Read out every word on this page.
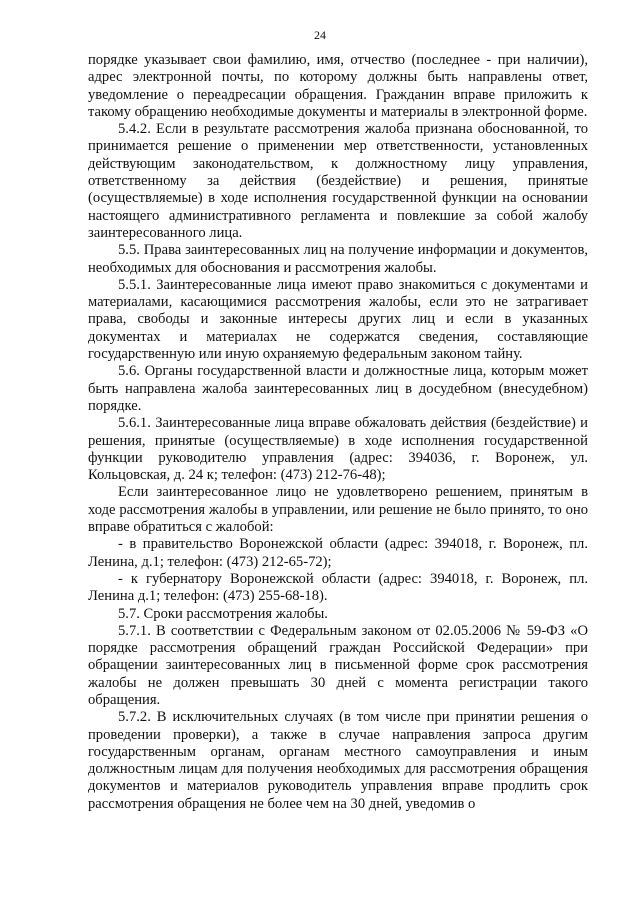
24

порядке указывает свои фамилию, имя, отчество (последнее - при наличии), адрес электронной почты, по которому должны быть направлены ответ, уведомление о переадресации обращения. Гражданин вправе приложить к такому обращению необходимые документы и материалы в электронной форме.

5.4.2. Если в результате рассмотрения жалоба признана обоснованной, то принимается решение о применении мер ответственности, установленных действующим законодательством, к должностному лицу управления, ответственному за действия (бездействие) и решения, принятые (осуществляемые) в ходе исполнения государственной функции на основании настоящего административного регламента и повлекшие за собой жалобу заинтересованного лица.

5.5. Права заинтересованных лиц на получение информации и документов, необходимых для обоснования и рассмотрения жалобы.

5.5.1. Заинтересованные лица имеют право знакомиться с документами и материалами, касающимися рассмотрения жалобы, если это не затрагивает права, свободы и законные интересы других лиц и если в указанных документах и материалах не содержатся сведения, составляющие государственную или иную охраняемую федеральным законом тайну.

5.6. Органы государственной власти и должностные лица, которым может быть направлена жалоба заинтересованных лиц в досудебном (внесудебном) порядке.

5.6.1. Заинтересованные лица вправе обжаловать действия (бездействие) и решения, принятые (осуществляемые) в ходе исполнения государственной функции руководителю управления (адрес: 394036, г. Воронеж, ул. Кольцовская, д. 24 к; телефон: (473) 212-76-48);

Если заинтересованное лицо не удовлетворено решением, принятым в ходе рассмотрения жалобы в управлении, или решение не было принято, то оно вправе обратиться с жалобой:

- в правительство Воронежской области (адрес: 394018, г. Воронеж, пл. Ленина, д.1; телефон: (473) 212-65-72);

- к губернатору Воронежской области (адрес: 394018, г. Воронеж, пл. Ленина д.1; телефон: (473) 255-68-18).

5.7. Сроки рассмотрения жалобы.

5.7.1. В соответствии с Федеральным законом от 02.05.2006 № 59-ФЗ «О порядке рассмотрения обращений граждан Российской Федерации» при обращении заинтересованных лиц в письменной форме срок рассмотрения жалобы не должен превышать 30 дней с момента регистрации такого обращения.

5.7.2. В исключительных случаях (в том числе при принятии решения о проведении проверки), а также в случае направления запроса другим государственным органам, органам местного самоуправления и иным должностным лицам для получения необходимых для рассмотрения обращения документов и материалов руководитель управления вправе продлить срок рассмотрения обращения не более чем на 30 дней, уведомив о
